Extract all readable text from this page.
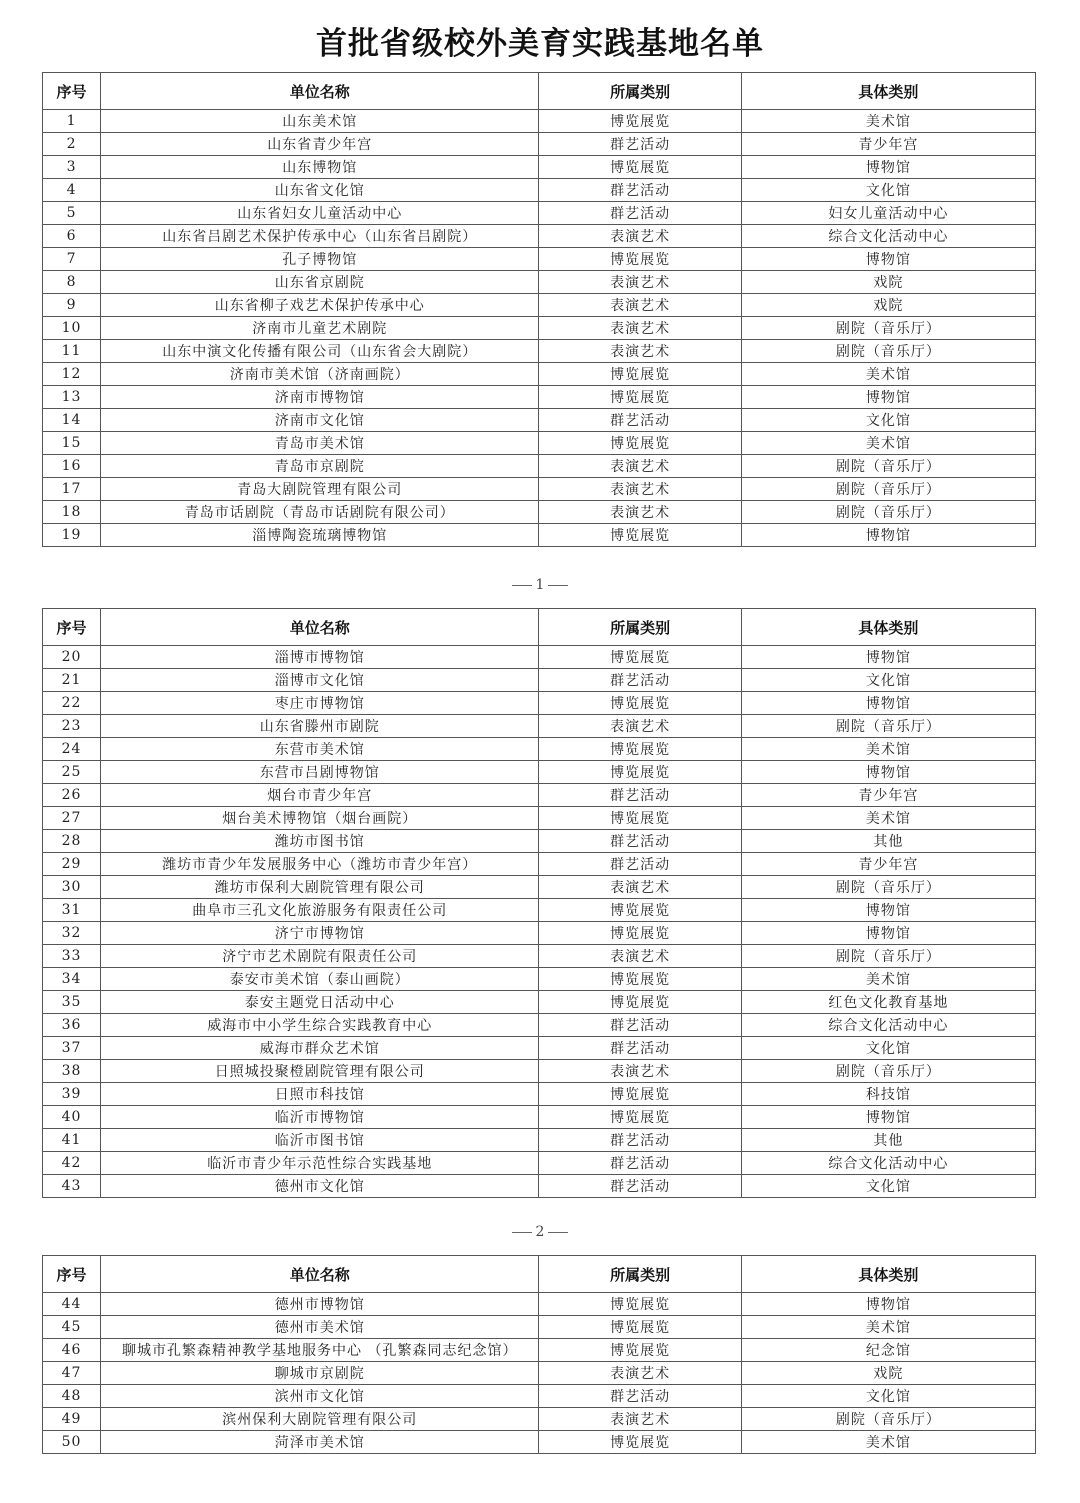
首批省级校外美育实践基地名单
序号	单位名称	所属类别	具体类别
1	山东美术馆	博览展览	美术馆
2	山东省青少年宫	群艺活动	青少年宫
3	山东博物馆	博览展览	博物馆
4	山东省文化馆	群艺活动	文化馆
5	山东省妇女儿童活动中心	群艺活动	妇女儿童活动中心
6	山东省吕剧艺术保护传承中心（山东省吕剧院）	表演艺术	综合文化活动中心
7	孔子博物馆	博览展览	博物馆
8	山东省京剧院	表演艺术	戏院
9	山东省柳子戏艺术保护传承中心	表演艺术	戏院
10	济南市儿童艺术剧院	表演艺术	剧院（音乐厅）
11	山东中演文化传播有限公司（山东省会大剧院）	表演艺术	剧院（音乐厅）
12	济南市美术馆（济南画院）	博览展览	美术馆
13	济南市博物馆	博览展览	博物馆
14	济南市文化馆	群艺活动	文化馆
15	青岛市美术馆	博览展览	美术馆
16	青岛市京剧院	表演艺术	剧院（音乐厅）
17	青岛大剧院管理有限公司	表演艺术	剧院（音乐厅）
18	青岛市话剧院（青岛市话剧院有限公司）	表演艺术	剧院（音乐厅）
19	淄博陶瓷琉璃博物馆	博览展览	博物馆
1
序号	单位名称	所属类别	具体类别
20	淄博市博物馆	博览展览	博物馆
21	淄博市文化馆	群艺活动	文化馆
22	枣庄市博物馆	博览展览	博物馆
23	山东省滕州市剧院	表演艺术	剧院（音乐厅）
24	东营市美术馆	博览展览	美术馆
25	东营市吕剧博物馆	博览展览	博物馆
26	烟台市青少年宫	群艺活动	青少年宫
27	烟台美术博物馆（烟台画院）	博览展览	美术馆
28	潍坊市图书馆	群艺活动	其他
29	潍坊市青少年发展服务中心（潍坊市青少年宫）	群艺活动	青少年宫
30	潍坊市保利大剧院管理有限公司	表演艺术	剧院（音乐厅）
31	曲阜市三孔文化旅游服务有限责任公司	博览展览	博物馆
32	济宁市博物馆	博览展览	博物馆
33	济宁市艺术剧院有限责任公司	表演艺术	剧院（音乐厅）
34	泰安市美术馆（泰山画院）	博览展览	美术馆
35	泰安主题党日活动中心	博览展览	红色文化教育基地
36	威海市中小学生综合实践教育中心	群艺活动	综合文化活动中心
37	威海市群众艺术馆	群艺活动	文化馆
38	日照城投聚橙剧院管理有限公司	表演艺术	剧院（音乐厅）
39	日照市科技馆	博览展览	科技馆
40	临沂市博物馆	博览展览	博物馆
41	临沂市图书馆	群艺活动	其他
42	临沂市青少年示范性综合实践基地	群艺活动	综合文化活动中心
43	德州市文化馆	群艺活动	文化馆
2
序号	单位名称	所属类别	具体类别
44	德州市博物馆	博览展览	博物馆
45	德州市美术馆	博览展览	美术馆
46	聊城市孔繁森精神教学基地服务中心 （孔繁森同志纪念馆）	博览展览	纪念馆
47	聊城市京剧院	表演艺术	戏院
48	滨州市文化馆	群艺活动	文化馆
49	滨州保利大剧院管理有限公司	表演艺术	剧院（音乐厅）
50	菏泽市美术馆	博览展览	美术馆
